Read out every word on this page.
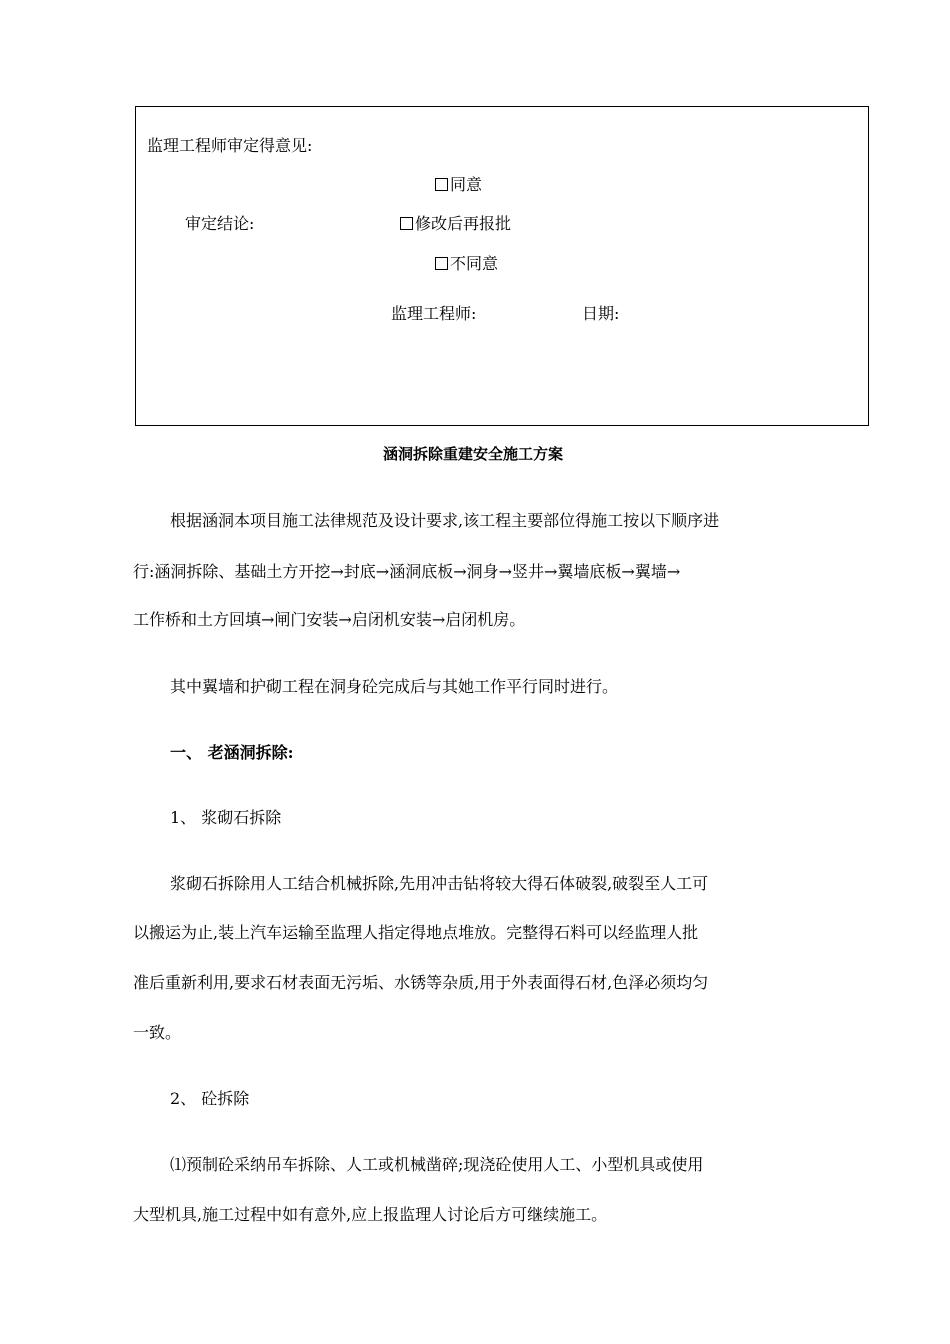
监理工程师审定得意见:
同意
审定结论:	修改后再报批
不同意
监理工程师:	日期:
涵洞拆除重建安全施工方案
根据涵洞本项目施工法律规范及设计要求,该工程主要部位得施工按以下顺序进
行:涵洞拆除、基础土方开挖→封底→涵洞底板→洞身→竖井→翼墙底板→翼墙→
工作桥和土方回填→闸门安装→启闭机安装→启闭机房。
其中翼墙和护砌工程在洞身砼完成后与其她工作平行同时进行。
一、 老涵洞拆除:
1、 浆砌石拆除
浆砌石拆除用人工结合机械拆除,先用冲击钻将较大得石体破裂,破裂至人工可
以搬运为止,装上汽车运输至监理人指定得地点堆放。完整得石料可以经监理人批
准后重新利用,要求石材表面无污垢、水锈等杂质,用于外表面得石材,色泽必须均匀
一致。
2、 砼拆除
⑴预制砼采纳吊车拆除、人工或机械凿碎;现浇砼使用人工、小型机具或使用
大型机具,施工过程中如有意外,应上报监理人讨论后方可继续施工。
